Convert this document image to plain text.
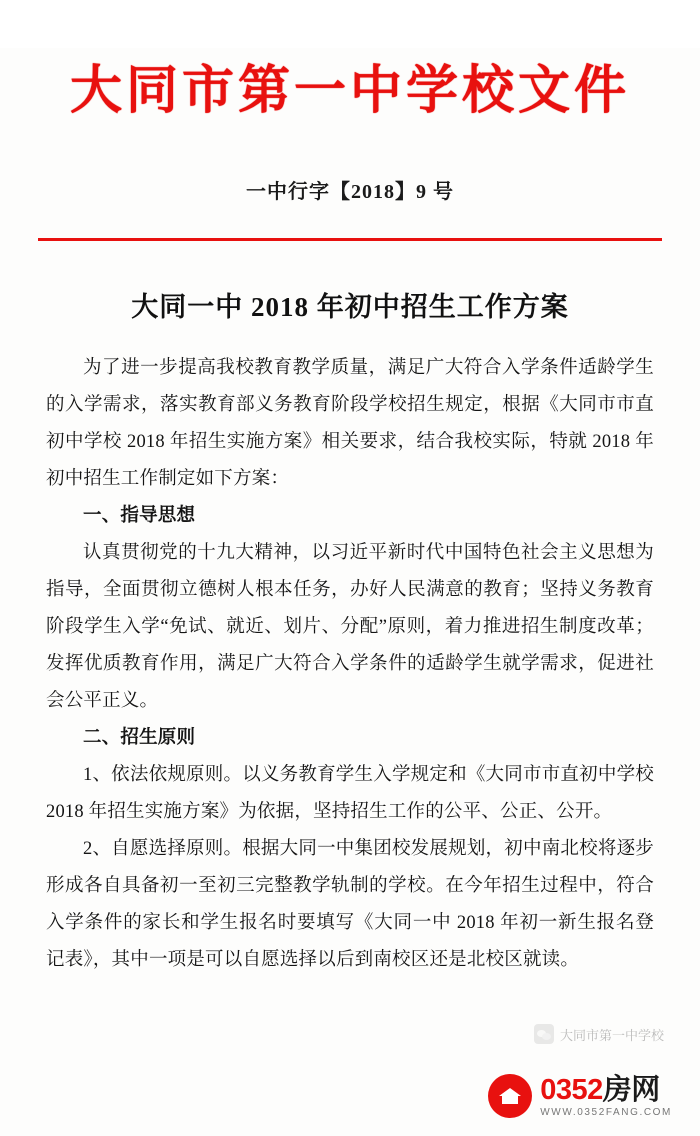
大同市第一中学校文件
一中行字【2018】9 号
大同一中 2018 年初中招生工作方案

为了进一步提高我校教育教学质量，满足广大符合入学条件适龄学生的入学需求，落实教育部义务教育阶段学校招生规定，根据《大同市市直初中学校 2018 年招生实施方案》相关要求，结合我校实际，特就 2018 年初中招生工作制定如下方案：

一、指导思想

认真贯彻党的十九大精神，以习近平新时代中国特色社会主义思想为指导，全面贯彻立德树人根本任务，办好人民满意的教育；坚持义务教育阶段学生入学“免试、就近、划片、分配”原则，着力推进招生制度改革；发挥优质教育作用，满足广大符合入学条件的适龄学生就学需求，促进社会公平正义。

二、招生原则

1、依法依规原则。以义务教育学生入学规定和《大同市市直初中学校 2018 年招生实施方案》为依据，坚持招生工作的公平、公正、公开。

2、自愿选择原则。根据大同一中集团校发展规划，初中南北校将逐步形成各自具备初一至初三完整教学轨制的学校。在今年招生过程中，符合入学条件的家长和学生报名时要填写《大同一中 2018 年初一新生报名登记表》，其中一项是可以自愿选择以后到南校区还是北校区就读。

大同市第一中学校
0352房网
WWW.0352FANG.COM
